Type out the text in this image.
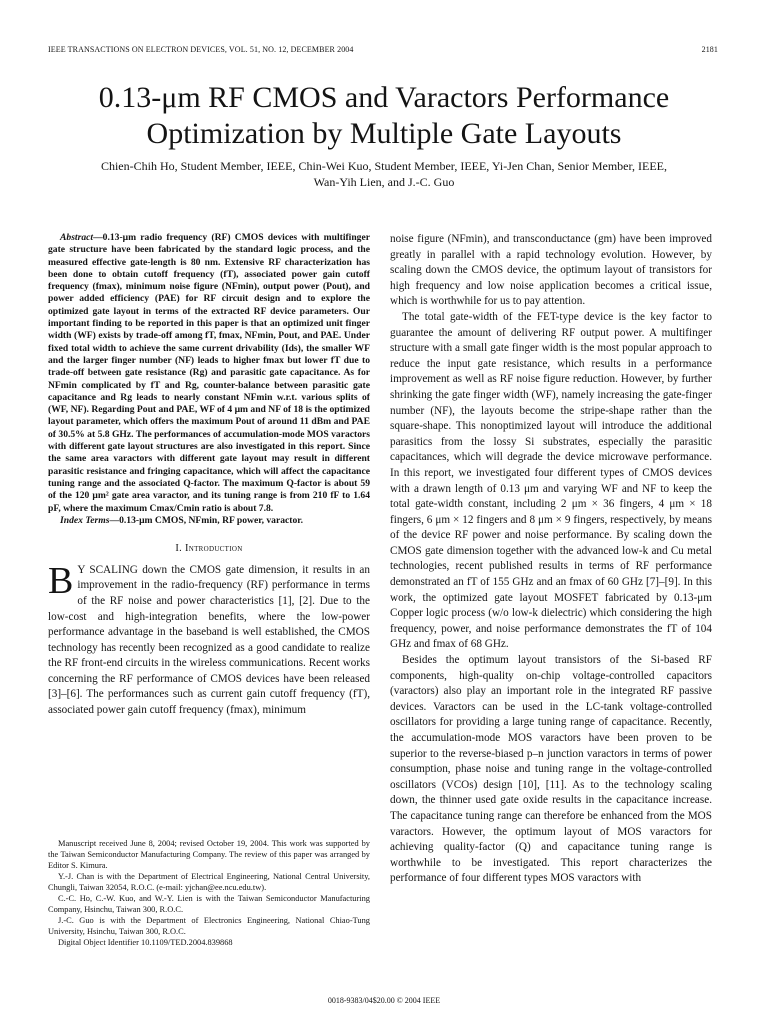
IEEE TRANSACTIONS ON ELECTRON DEVICES, VOL. 51, NO. 12, DECEMBER 2004	2181
0.13-μm RF CMOS and Varactors Performance
Optimization by Multiple Gate Layouts
Chien-Chih Ho, Student Member, IEEE, Chin-Wei Kuo, Student Member, IEEE, Yi-Jen Chan, Senior Member, IEEE,
Wan-Yih Lien, and J.-C. Guo

Abstract—0.13-μm radio frequency (RF) CMOS devices with multifinger gate structure have been fabricated by the standard logic process, and the measured effective gate-length is 80 nm. Extensive RF characterization has been done to obtain cutoff frequency (fT), associated power gain cutoff frequency (fmax), minimum noise figure (NFmin), output power (Pout), and power added efficiency (PAE) for RF circuit design and to explore the optimized gate layout in terms of the extracted RF device parameters. Our important finding to be reported in this paper is that an optimized unit finger width (WF) exists by trade-off among fT, fmax, NFmin, Pout, and PAE. Under fixed total width to achieve the same current drivability (Ids), the smaller WF and the larger finger number (NF) leads to higher fmax but lower fT due to trade-off between gate resistance (Rg) and parasitic gate capacitance. As for NFmin complicated by fT and Rg, counter-balance between parasitic gate capacitance and Rg leads to nearly constant NFmin w.r.t. various splits of (WF, NF). Regarding Pout and PAE, WF of 4 μm and NF of 18 is the optimized layout parameter, which offers the maximum Pout of around 11 dBm and PAE of 30.5% at 5.8 GHz. The performances of accumulation-mode MOS varactors with different gate layout structures are also investigated in this report. Since the same area varactors with different gate layout may result in different parasitic resistance and fringing capacitance, which will affect the capacitance tuning range and the associated Q-factor. The maximum Q-factor is about 59 of the 120 μm² gate area varactor, and its tuning range is from 210 fF to 1.64 pF, where the maximum Cmax/Cmin ratio is about 7.8.

Index Terms—0.13-μm CMOS, NFmin, RF power, varactor.

I. Introduction

B Y SCALING down the CMOS gate dimension, it results in an improvement in the radio-frequency (RF) performance in terms of the RF noise and power characteristics [1], [2]. Due to the low-cost and high-integration benefits, where the low-power performance advantage in the baseband is well established, the CMOS technology has recently been recognized as a good candidate to realize the RF front-end circuits in the wireless communications. Recent works concerning the RF performance of CMOS devices have been released [3]–[6]. The performances such as current gain cutoff frequency (fT), associated power gain cutoff frequency (fmax), minimum

Manuscript received June 8, 2004; revised October 19, 2004. This work was supported by the Taiwan Semiconductor Manufacturing Company. The review of this paper was arranged by Editor S. Kimura.

Y.-J. Chan is with the Department of Electrical Engineering, National Central University, Chungli, Taiwan 32054, R.O.C. (e-mail: yjchan@ee.ncu.edu.tw).

C.-C. Ho, C.-W. Kuo, and W.-Y. Lien is with the Taiwan Semiconductor Manufacturing Company, Hsinchu, Taiwan 300, R.O.C.

J.-C. Guo is with the Department of Electronics Engineering, National Chiao-Tung University, Hsinchu, Taiwan 300, R.O.C.

Digital Object Identifier 10.1109/TED.2004.839868

noise figure (NFmin), and transconductance (gm) have been improved greatly in parallel with a rapid technology evolution. However, by scaling down the CMOS device, the optimum layout of transistors for high frequency and low noise application becomes a critical issue, which is worthwhile for us to pay attention.

The total gate-width of the FET-type device is the key factor to guarantee the amount of delivering RF output power. A multifinger structure with a small gate finger width is the most popular approach to reduce the input gate resistance, which results in a performance improvement as well as RF noise figure reduction. However, by further shrinking the gate finger width (WF), namely increasing the gate-finger number (NF), the layouts become the stripe-shape rather than the square-shape. This nonoptimized layout will introduce the additional parasitics from the lossy Si substrates, especially the parasitic capacitances, which will degrade the device microwave performance. In this report, we investigated four different types of CMOS devices with a drawn length of 0.13 μm and varying WF and NF to keep the total gate-width constant, including 2 μm × 36 fingers, 4 μm × 18 fingers, 6 μm × 12 fingers and 8 μm × 9 fingers, respectively, by means of the device RF power and noise performance. By scaling down the CMOS gate dimension together with the advanced low-k and Cu metal technologies, recent published results in terms of RF performance demonstrated an fT of 155 GHz and an fmax of 60 GHz [7]–[9]. In this work, the optimized gate layout MOSFET fabricated by 0.13-μm Copper logic process (w/o low-k dielectric) which considering the high frequency, power, and noise performance demonstrates the fT of 104 GHz and fmax of 68 GHz.

Besides the optimum layout transistors of the Si-based RF components, high-quality on-chip voltage-controlled capacitors (varactors) also play an important role in the integrated RF passive devices. Varactors can be used in the LC-tank voltage-controlled oscillators for providing a large tuning range of capacitance. Recently, the accumulation-mode MOS varactors have been proven to be superior to the reverse-biased p–n junction varactors in terms of power consumption, phase noise and tuning range in the voltage-controlled oscillators (VCOs) design [10], [11]. As to the technology scaling down, the thinner used gate oxide results in the capacitance increase. The capacitance tuning range can therefore be enhanced from the MOS varactors. However, the optimum layout of MOS varactors for achieving quality-factor (Q) and capacitance tuning range is worthwhile to be investigated. This report characterizes the performance of four different types MOS varactors with

0018-9383/04$20.00 © 2004 IEEE
